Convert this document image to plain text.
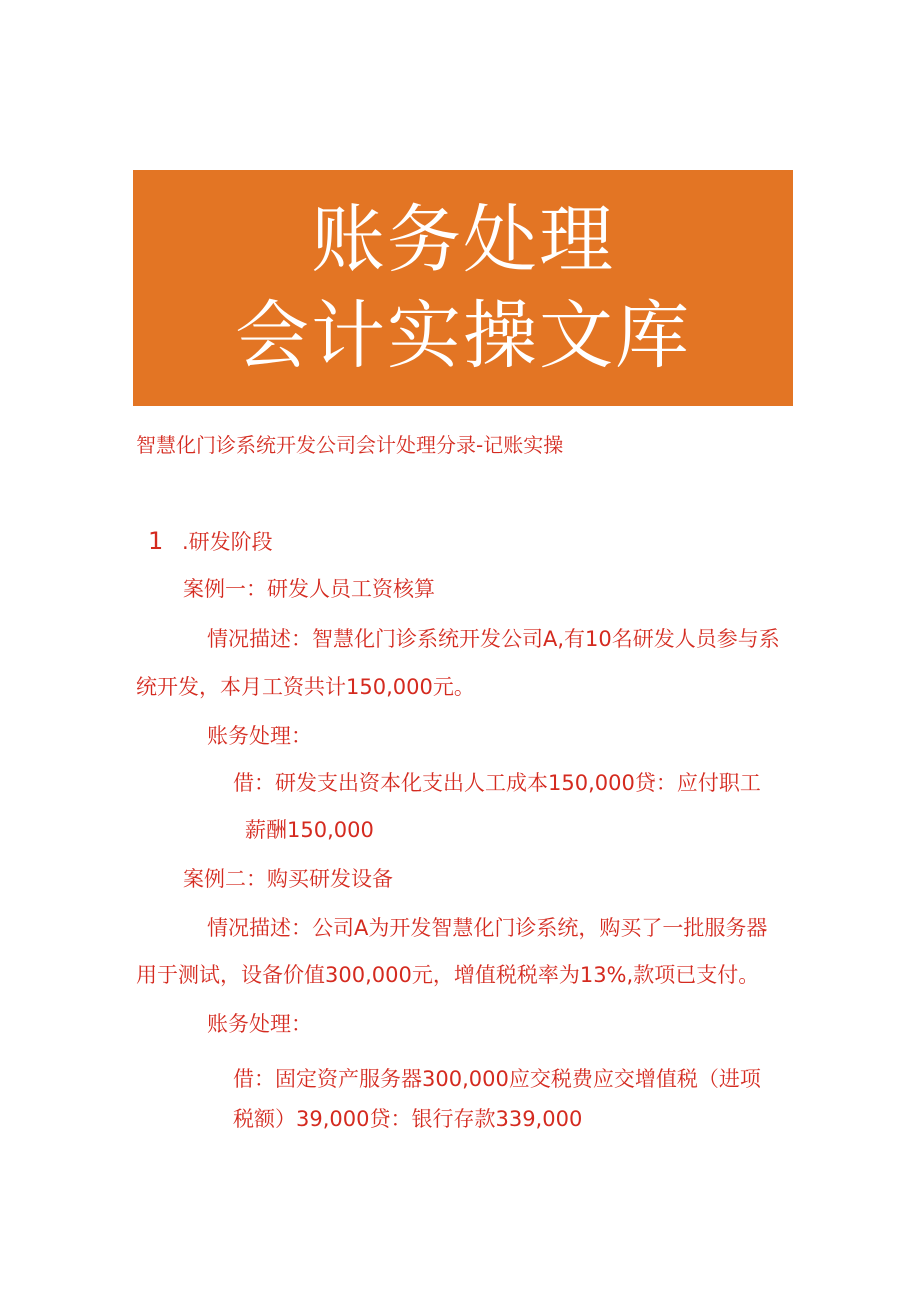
账务处理
会计实操文库
智慧化门诊系统开发公司会计处理分录-记账实操
1 .研发阶段
案例一：研发人员工资核算
情况描述：智慧化门诊系统开发公司A,有10名研发人员参与系
统开发，本月工资共计150,000元。
账务处理：
借：研发支出资本化支出人工成本150,000贷：应付职工
薪酬150,000
案例二：购买研发设备
情况描述：公司A为开发智慧化门诊系统，购买了一批服务器
用于测试，设备价值300,000元，增值税税率为13%,款项已支付。
账务处理：
借：固定资产服务器300,000应交税费应交增值税（进项
税额）39,000贷：银行存款339,000
